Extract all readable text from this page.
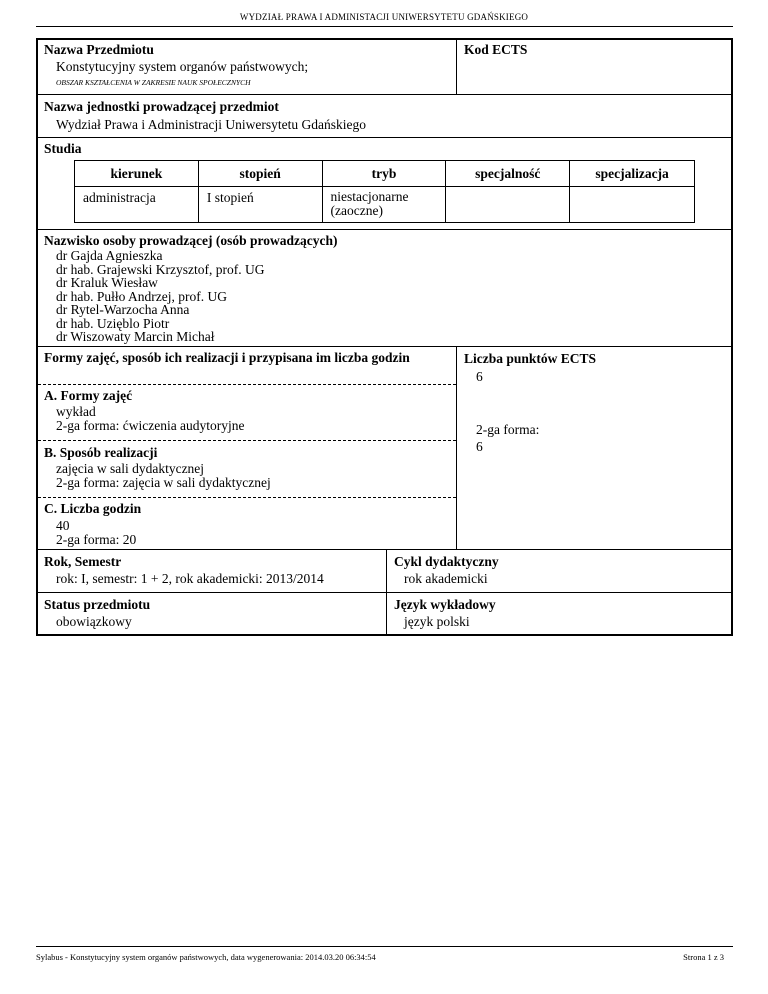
WYDZIAŁ PRAWA I ADMINISTACJI UNIWERSYTETU GDAŃSKIEGO
Nazwa Przedmiotu
Konstytucyjny system organów państwowych;
OBSZAR KSZTAŁCENIA W ZAKRESIE NAUK SPOŁECZNYCH
Kod ECTS
Nazwa jednostki prowadzącej przedmiot
Wydział Prawa i Administracji Uniwersytetu Gdańskiego
Studia
kierunek	stopień	tryb	specjalność	specjalizacja
administracja	I stopień	niestacjonarne (zaoczne)		
Nazwisko osoby prowadzącej (osób prowadzących)
dr Gajda Agnieszka
dr hab. Grajewski Krzysztof, prof. UG
dr Kraluk Wiesław
dr hab. Pułło Andrzej, prof. UG
dr Rytel-Warzocha Anna
dr hab. Uzięblo Piotr
dr Wiszowaty Marcin Michał
Formy zajęć, sposób ich realizacji i przypisana im liczba godzin
A. Formy zajęć
wykład
2-ga forma: ćwiczenia audytoryjne
B. Sposób realizacji
zajęcia w sali dydaktycznej
2-ga forma: zajęcia w sali dydaktycznej
C. Liczba godzin
40
2-ga forma: 20
Liczba punktów ECTS
6
2-ga forma:
6
Rok, Semestr
rok: I, semestr: 1 + 2, rok akademicki: 2013/2014
Cykl dydaktyczny
rok akademicki
Status przedmiotu
obowiązkowy
Język wykładowy
język polski
Sylabus - Konstytucyjny system organów państwowych, data wygenerowania: 2014.03.20 06:34:54	Strona 1 z 3
